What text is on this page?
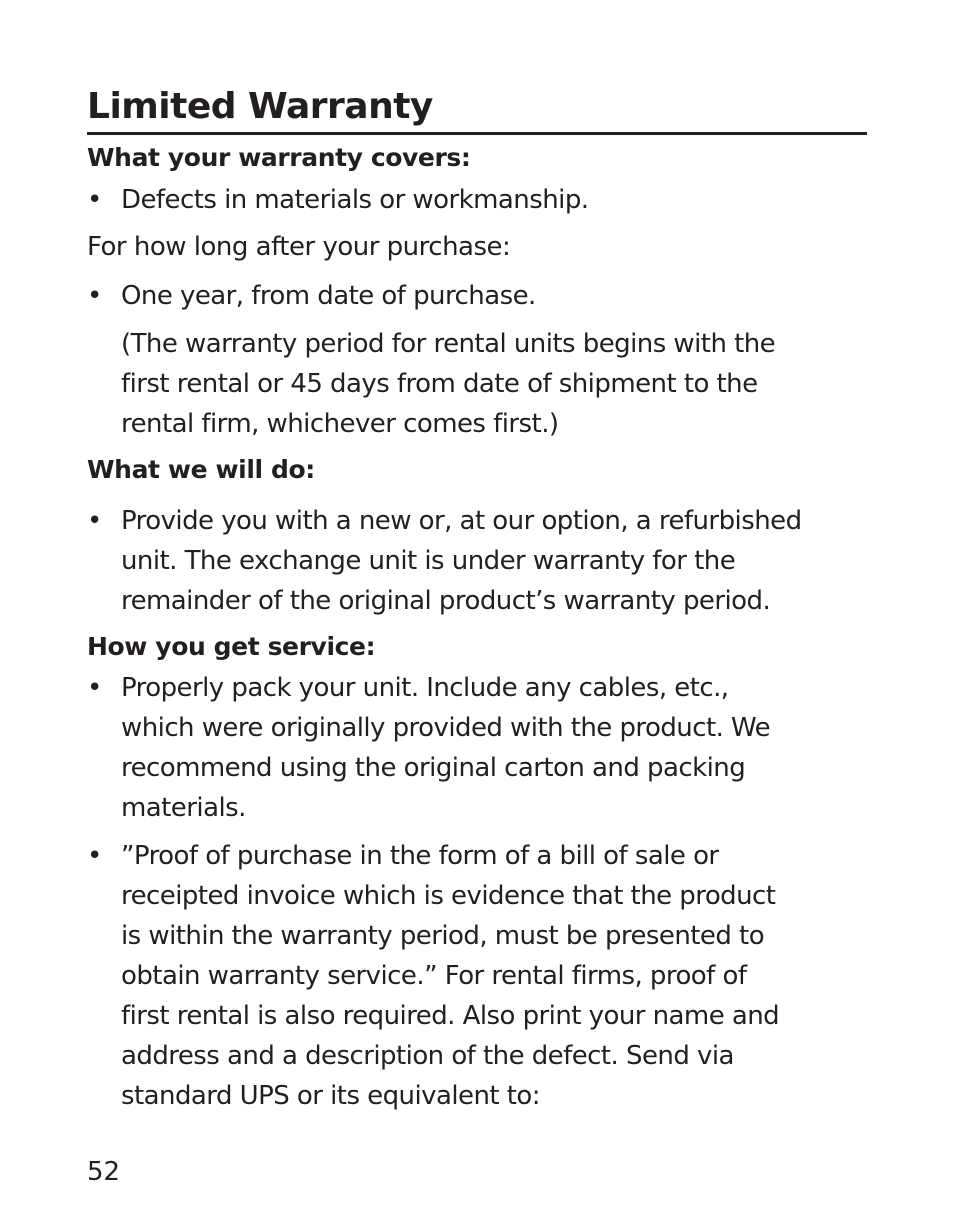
Limited Warranty
What your warranty covers:
• Defects in materials or workmanship.

For how long after your purchase:

• One year, from date of purchase.

(The warranty period for rental units begins with the
first rental or 45 days from date of shipment to the
rental firm, whichever comes first.)

What we will do:
• Provide you with a new or, at our option, a refurbished
unit. The exchange unit is under warranty for the
remainder of the original product’s warranty period.
How you get service:
• Properly pack your unit. Include any cables, etc.,
which were originally provided with the product. We
recommend using the original carton and packing
materials.
• ”Proof of purchase in the form of a bill of sale or
receipted invoice which is evidence that the product
is within the warranty period, must be presented to
obtain warranty service.” For rental firms, proof of
first rental is also required. Also print your name and
address and a description of the defect. Send via
standard UPS or its equivalent to:
52
